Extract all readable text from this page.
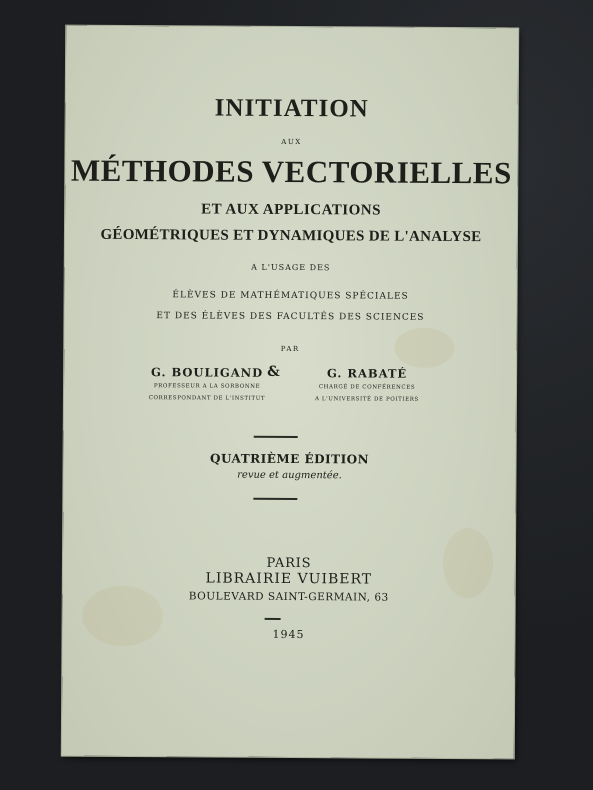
INITIATION
AUX
MÉTHODES VECTORIELLES
ET AUX APPLICATIONS
GÉOMÉTRIQUES ET DYNAMIQUES DE L'ANALYSE
A L'USAGE DES
ÉLÈVES DE MATHÉMATIQUES SPÉCIALES
ET DES ÉLÈVES DES FACULTÉS DES SCIENCES
PAR
G. BOULIGAND
PROFESSEUR A LA SORBONNE
CORRESPONDANT DE L'INSTITUT
&	G. RABATÉ
CHARGÉ DE CONFÉRENCES
A L'UNIVERSITÉ DE POITIERS
QUATRIÈME ÉDITION
revue et augmentée.
PARIS
LIBRAIRIE VUIBERT
BOULEVARD SAINT-GERMAIN, 63
1945
